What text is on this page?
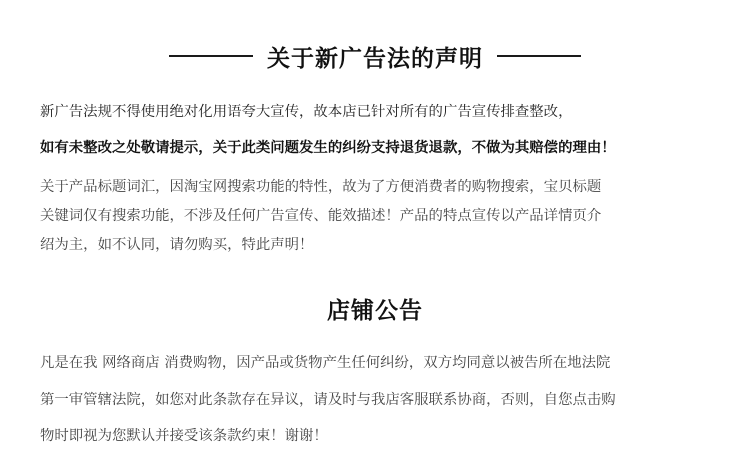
关于新广告法的声明
新广告法规不得使用绝对化用语夸大宣传，故本店已针对所有的广告宣传排查整改，
如有未整改之处敬请提示，关于此类问题发生的纠纷支持退货退款，不做为其赔偿的理由！
关于产品标题词汇，因淘宝网搜索功能的特性，故为了方便消费者的购物搜索，宝贝标题
关键词仅有搜索功能，不涉及任何广告宣传、能效描述！产品的特点宣传以产品详情页介
绍为主，如不认同，请勿购买，特此声明！
店铺公告
凡是在我 网络商店 消费购物，因产品或货物产生任何纠纷，双方均同意以被告所在地法院
第一审管辖法院，如您对此条款存在异议，请及时与我店客服联系协商，否则，自您点击购
物时即视为您默认并接受该条款约束！谢谢！
